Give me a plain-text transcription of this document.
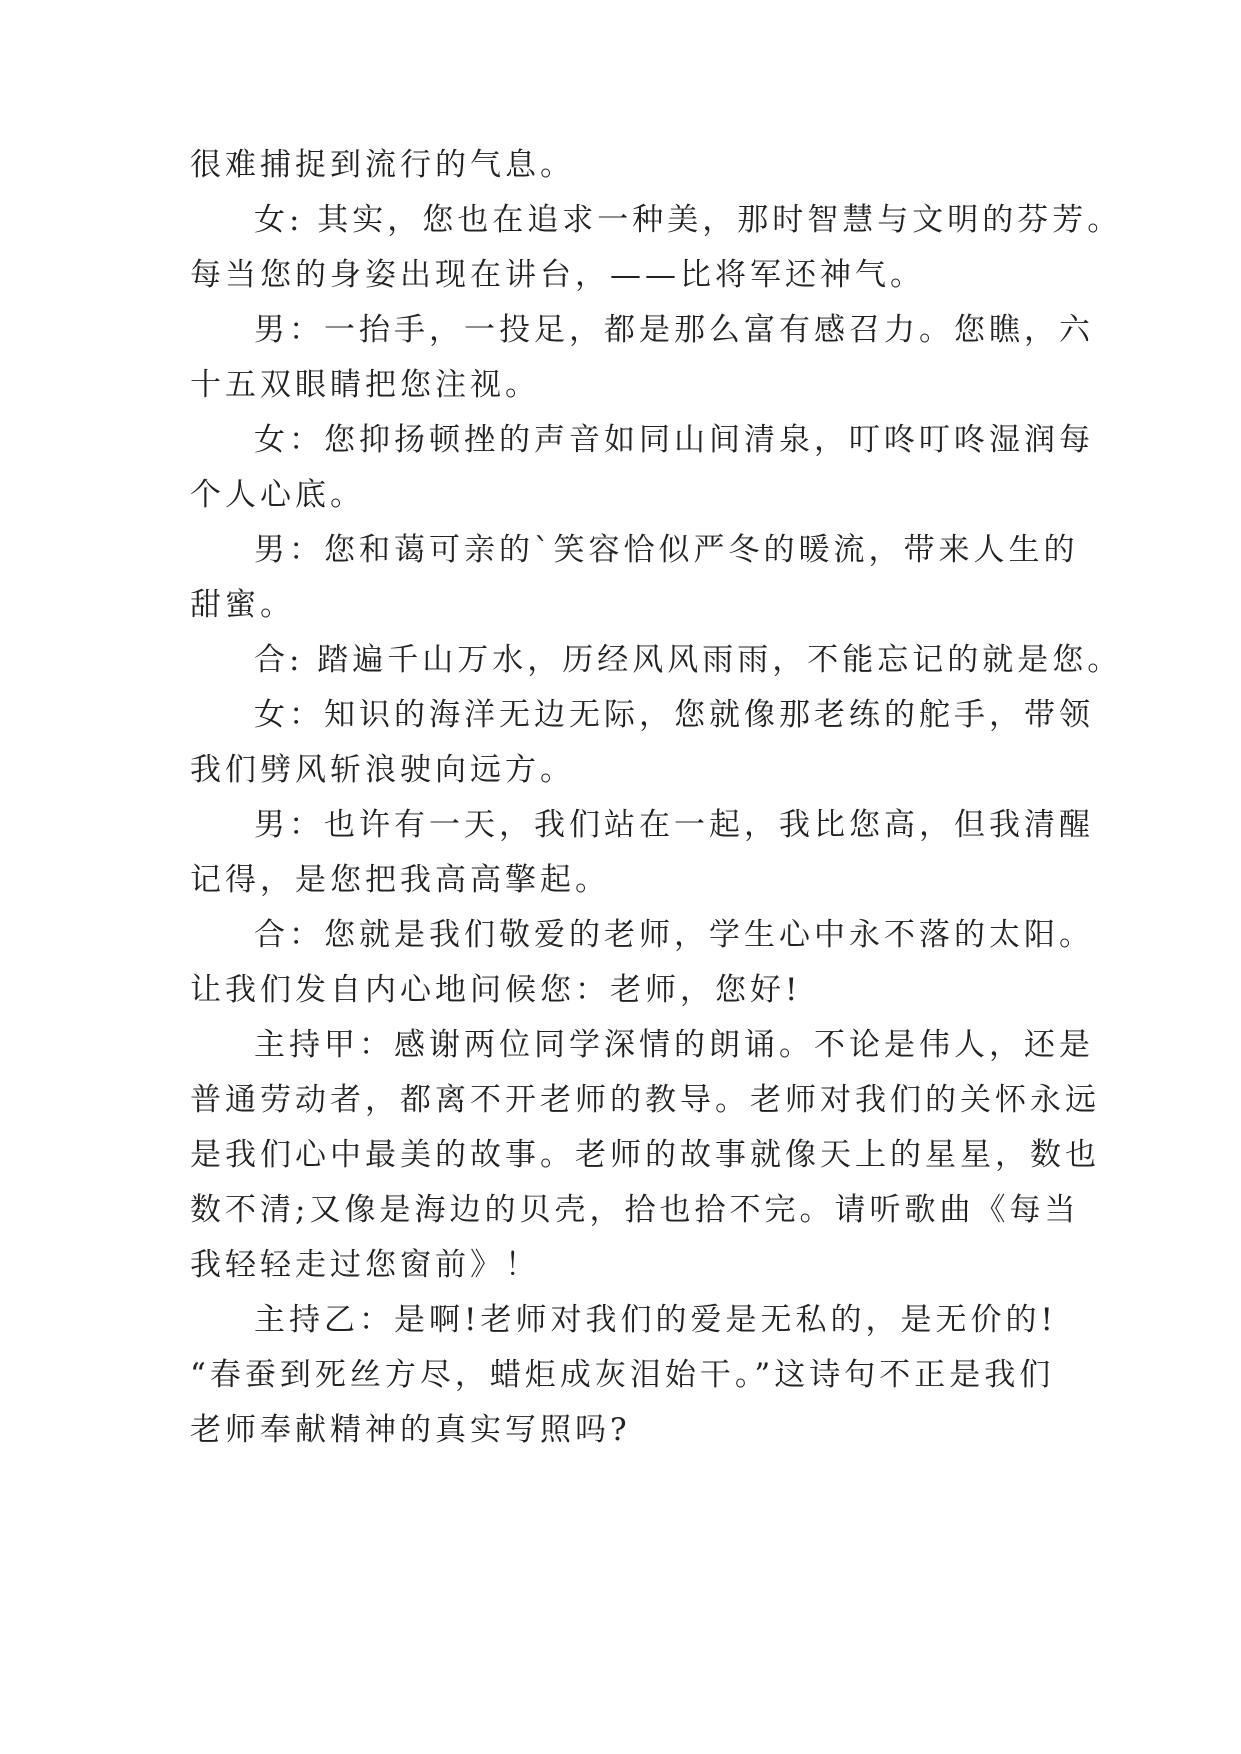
很难捕捉到流行的气息。
女: 其实，您也在追求一种美，那时智慧与文明的芬芳。
每当您的身姿出现在讲台，——比将军还神气。
男：一抬手，一投足，都是那么富有感召力。您瞧，六
十五双眼睛把您注视。
女：您抑扬顿挫的声音如同山间清泉，叮咚叮咚湿润每
个人心底。
男：您和蔼可亲的`笑容恰似严冬的暖流，带来人生的
甜蜜。
合: 踏遍千山万水，历经风风雨雨，不能忘记的就是您。
女：知识的海洋无边无际，您就像那老练的舵手，带领
我们劈风斩浪驶向远方。
男：也许有一天，我们站在一起，我比您高，但我清醒
记得，是您把我高高擎起。
合：您就是我们敬爱的老师，学生心中永不落的太阳。
让我们发自内心地问候您：老师，您好!
主持甲：感谢两位同学深情的朗诵。不论是伟人，还是
普通劳动者，都离不开老师的教导。老师对我们的关怀永远
是我们心中最美的故事。老师的故事就像天上的星星，数也
数不清;又像是海边的贝壳，拾也拾不完。请听歌曲《每当
我轻轻走过您窗前》！
主持乙：是啊!老师对我们的爱是无私的，是无价的!
“春蚕到死丝方尽，蜡炬成灰泪始干。”这诗句不正是我们
老师奉献精神的真实写照吗?
